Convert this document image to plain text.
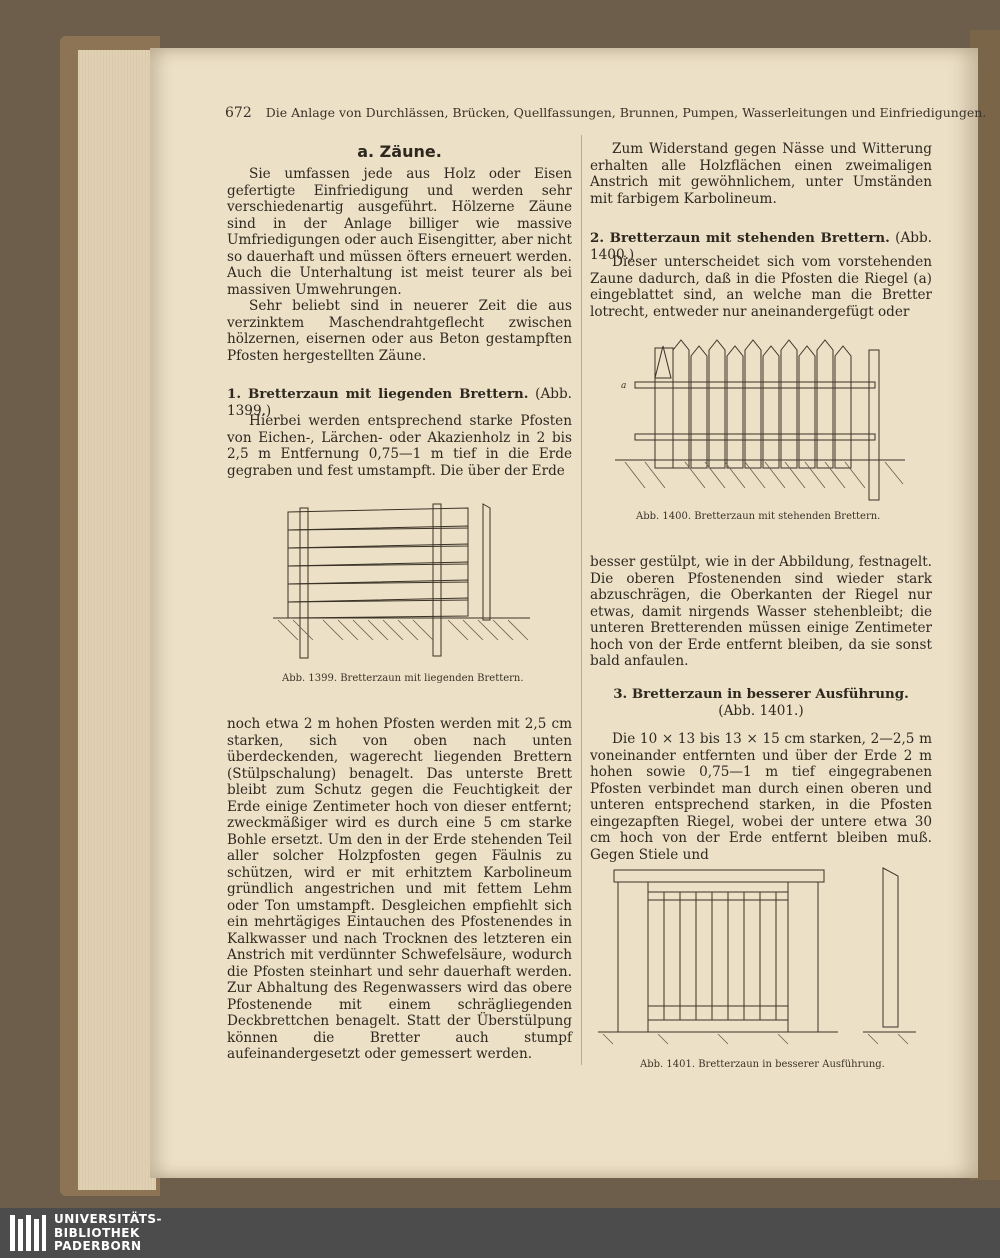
672 Die Anlage von Durchlässen, Brücken, Quellfassungen, Brunnen, Pumpen, Wasserleitungen und Einfriedigungen.
a. Zäune.

Sie umfassen jede aus Holz oder Eisen gefertigte Einfriedigung und werden sehr verschiedenartig ausgeführt. Hölzerne Zäune sind in der Anlage billiger wie massive Umfriedigungen oder auch Eisengitter, aber nicht so dauerhaft und müssen öfters erneuert werden. Auch die Unterhaltung ist meist teurer als bei massiven Umwehrungen.

Sehr beliebt sind in neuerer Zeit die aus verzinktem Maschendrahtgeflecht zwischen hölzernen, eisernen oder aus Beton gestampften Pfosten hergestellten Zäune.

1. Bretterzaun mit liegenden Brettern. (Abb. 1399.)

Hierbei werden entsprechend starke Pfosten von Eichen-, Lärchen- oder Akazienholz in 2 bis 2,5 m Entfernung 0,75—1 m tief in die Erde gegraben und fest umstampft. Die über der Erde

Abb. 1399. Bretterzaun mit liegenden Brettern.

noch etwa 2 m hohen Pfosten werden mit 2,5 cm starken, sich von oben nach unten überdeckenden, wagerecht liegenden Brettern (Stülpschalung) benagelt. Das unterste Brett bleibt zum Schutz gegen die Feuchtigkeit der Erde einige Zentimeter hoch von dieser entfernt; zweckmäßiger wird es durch eine 5 cm starke Bohle ersetzt. Um den in der Erde stehenden Teil aller solcher Holzpfosten gegen Fäulnis zu schützen, wird er mit erhitztem Karbolineum gründlich angestrichen und mit fettem Lehm oder Ton umstampft. Desgleichen empfiehlt sich ein mehrtägiges Eintauchen des Pfostenendes in Kalkwasser und nach Trocknen des letzteren ein Anstrich mit verdünnter Schwefelsäure, wodurch die Pfosten steinhart und sehr dauerhaft werden. Zur Abhaltung des Regenwassers wird das obere Pfostenende mit einem schrägliegenden Deckbrettchen benagelt. Statt der Überstülpung können die Bretter auch stumpf aufeinandergesetzt oder gemessert werden.

Zum Widerstand gegen Nässe und Witterung erhalten alle Holzflächen einen zweimaligen Anstrich mit gewöhnlichem, unter Umständen mit farbigem Karbolineum.

2. Bretterzaun mit stehenden Brettern. (Abb. 1400.)

Dieser unterscheidet sich vom vorstehenden Zaune dadurch, daß in die Pfosten die Riegel (a) eingeblattet sind, an welche man die Bretter lotrecht, entweder nur aneinandergefügt oder

a
Abb. 1400. Bretterzaun mit stehenden Brettern.

besser gestülpt, wie in der Abbildung, festnagelt. Die oberen Pfostenenden sind wieder stark abzuschrägen, die Oberkanten der Riegel nur etwas, damit nirgends Wasser stehenbleibt; die unteren Bretterenden müssen einige Zentimeter hoch von der Erde entfernt bleiben, da sie sonst bald anfaulen.

3. Bretterzaun in besserer Ausführung.
(Abb. 1401.)

Die 10 × 13 bis 13 × 15 cm starken, 2—2,5 m voneinander entfernten und über der Erde 2 m hohen sowie 0,75—1 m tief eingegrabenen Pfosten verbindet man durch einen oberen und unteren entsprechend starken, in die Pfosten eingezapften Riegel, wobei der untere etwa 30 cm hoch von der Erde entfernt bleiben muß. Gegen Stiele und

Abb. 1401. Bretterzaun in besserer Ausführung.
UNIVERSITÄTS-
BIBLIOTHEK
PADERBORN
